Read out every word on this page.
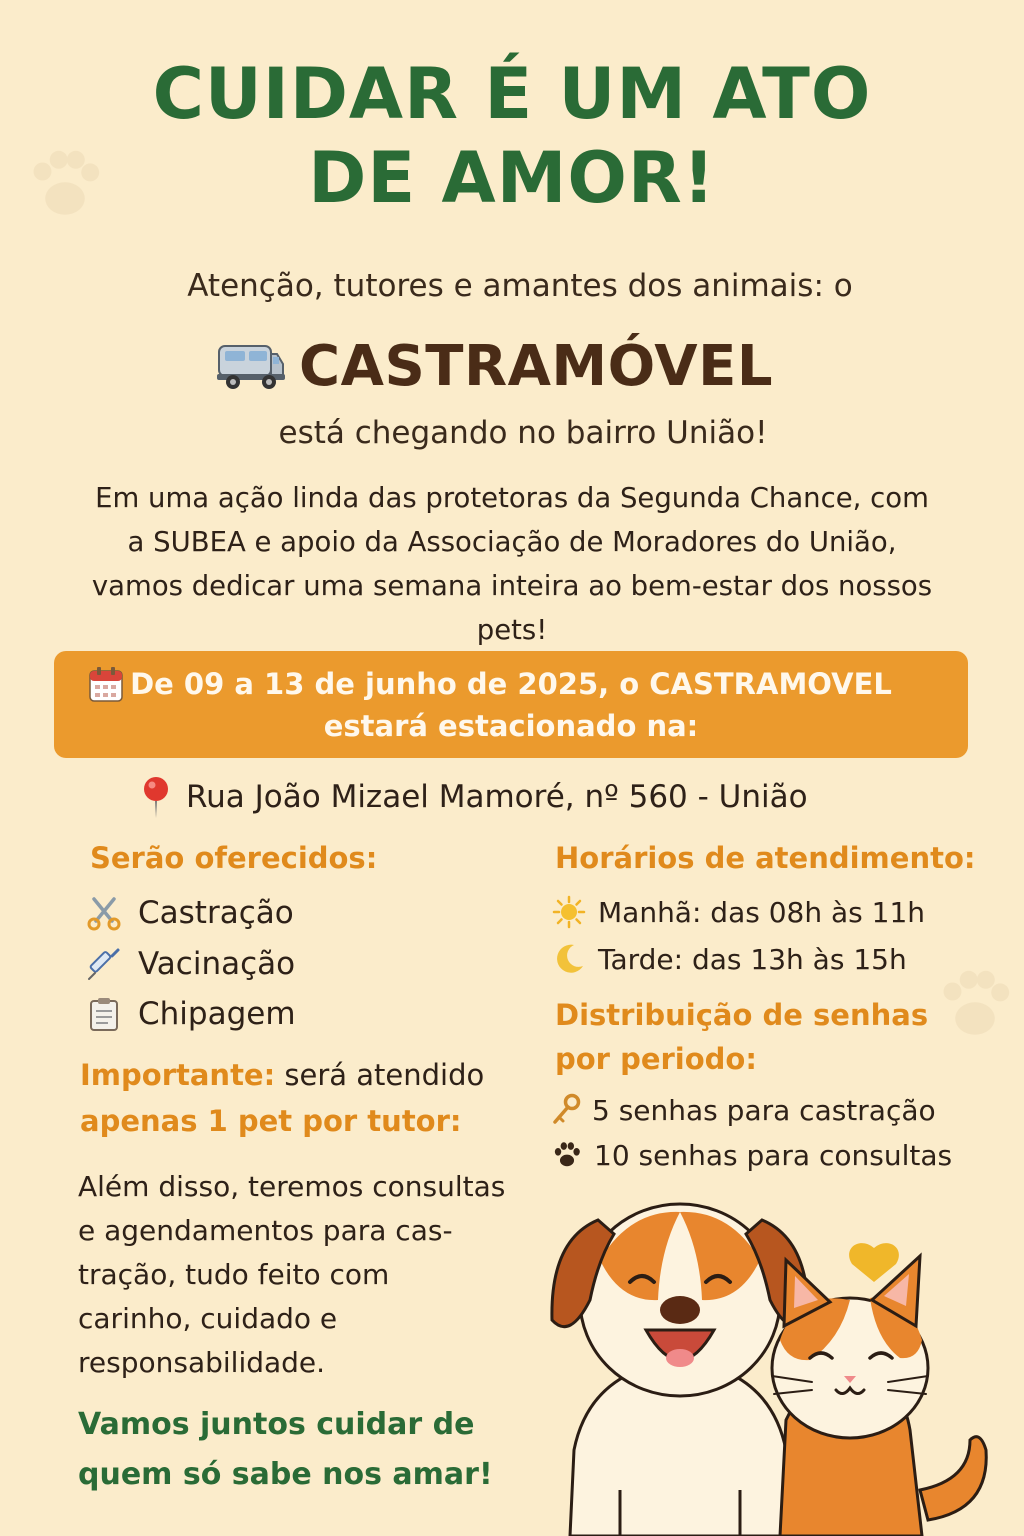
CUIDAR É UM ATO
DE AMOR!

Atenção, tutores e amantes dos animais: o

CASTRAMÓVEL

está chegando no bairro União!

Em uma ação linda das protetoras da Segunda Chance, com
a SUBEA e apoio da Associação de Moradores do União,
vamos dedicar uma semana inteira ao bem-estar dos nossos
pets!

De 09 a 13 de junho de 2025, o CASTRAMOVEL
estará estacionado na:

Rua João Mizael Mamoré, nº 560 - União
Serão oferecidos:
Castração
Vacinação
Chipagem

Importante: será atendido
apenas 1 pet por tutor:

Além disso, teremos consultas
e agendamentos para cas-
tração, tudo feito com
carinho, cuidado e
responsabilidade.

Vamos juntos cuidar de
quem só sabe nos amar!

Horários de atendimento:
Manhã: das 08h às 11h
Tarde: das 13h às 15h
Distribuição de senhas
por periodo:
5 senhas para castração
10 senhas para consultas
